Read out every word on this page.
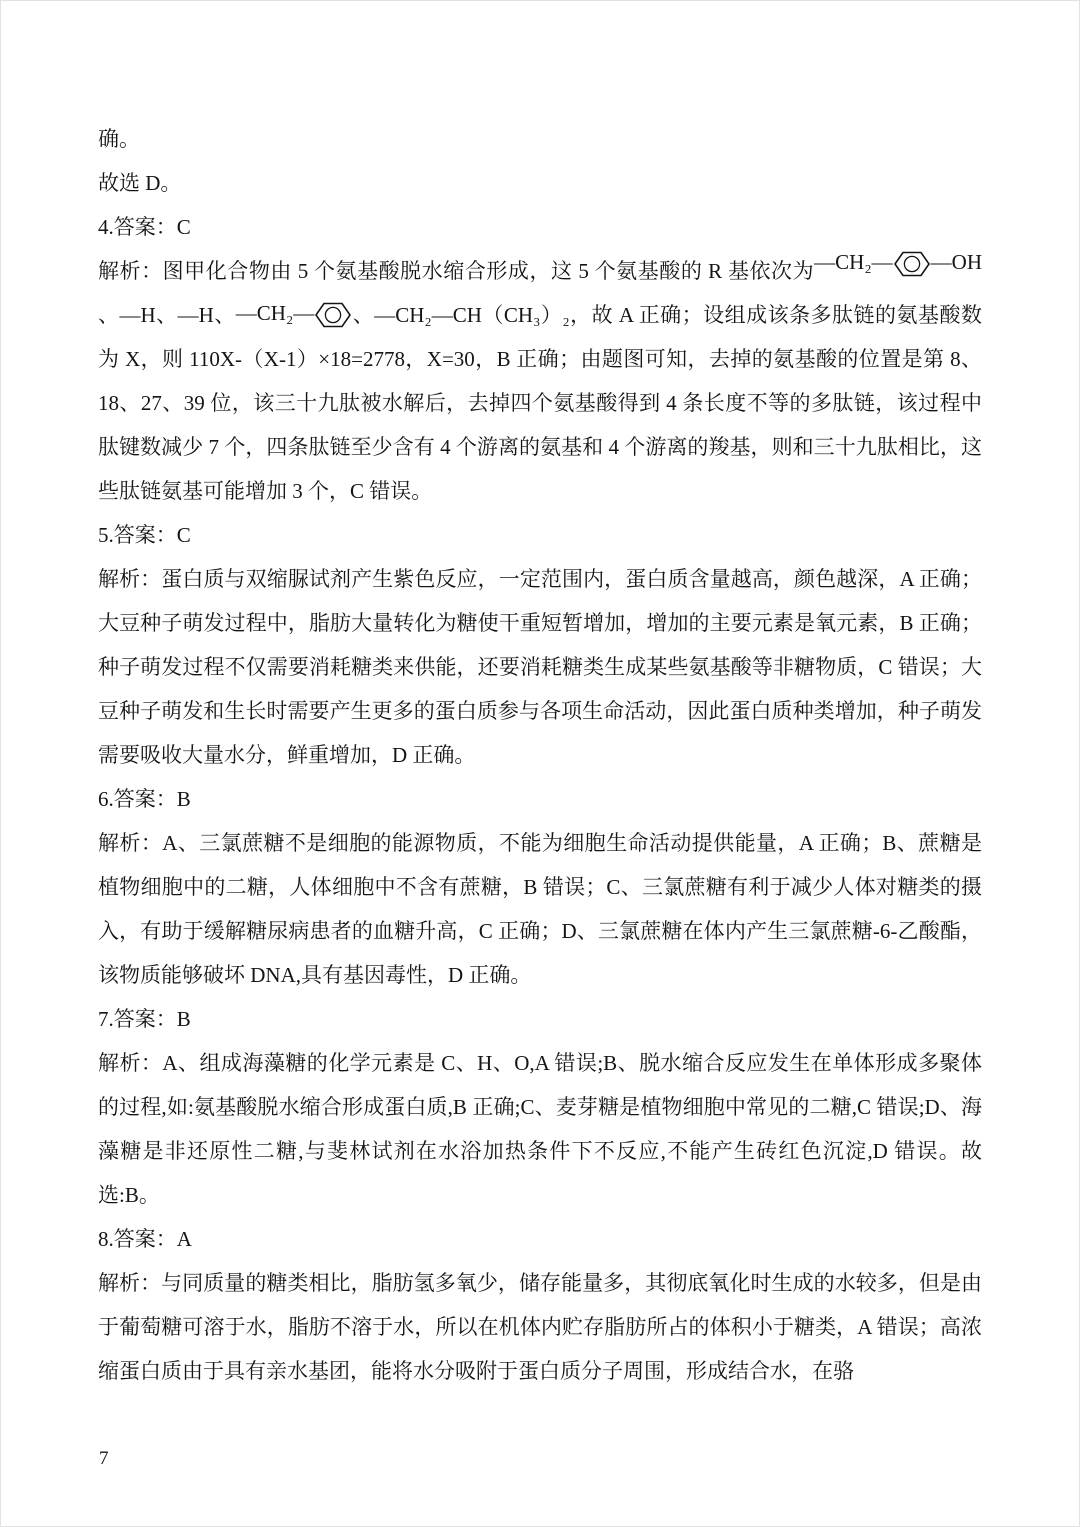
确。

故选 D。

4.答案：C

解析：图甲化合物由 5 个氨基酸脱水缩合形成，这 5 个氨基酸的 R 基依次为—CH₂— —OH、—H、—H、—CH₂— 、—CH₂—CH（CH₃）₂，故 A 正确；设组成该条多肽链的氨基酸数为 X，则 110X-（X-1）×18=2778，X=30，B 正确；由题图可知，去掉的氨基酸的位置是第 8、18、27、39 位，该三十九肽被水解后，去掉四个氨基酸得到 4 条长度不等的多肽链，该过程中肽键数减少 7 个，四条肽链至少含有 4 个游离的氨基和 4 个游离的羧基，则和三十九肽相比，这些肽链氨基可能增加 3 个，C 错误。

5.答案：C

解析：蛋白质与双缩脲试剂产生紫色反应，一定范围内，蛋白质含量越高，颜色越深，A 正确；大豆种子萌发过程中，脂肪大量转化为糖使干重短暂增加，增加的主要元素是氧元素，B 正确；种子萌发过程不仅需要消耗糖类来供能，还要消耗糖类生成某些氨基酸等非糖物质，C 错误；大豆种子萌发和生长时需要产生更多的蛋白质参与各项生命活动，因此蛋白质种类增加，种子萌发需要吸收大量水分，鲜重增加，D 正确。

6.答案：B

解析：A、三氯蔗糖不是细胞的能源物质，不能为细胞生命活动提供能量，A 正确；B、蔗糖是植物细胞中的二糖，人体细胞中不含有蔗糖，B 错误；C、三氯蔗糖有利于减少人体对糖类的摄入，有助于缓解糖尿病患者的血糖升高，C 正确；D、三氯蔗糖在体内产生三氯蔗糖-6-乙酸酯，该物质能够破坏 DNA,具有基因毒性，D 正确。

7.答案：B

解析：A、组成海藻糖的化学元素是 C、H、O,A 错误;B、脱水缩合反应发生在单体形成多聚体的过程,如:氨基酸脱水缩合形成蛋白质,B 正确;C、麦芽糖是植物细胞中常见的二糖,C 错误;D、海藻糖是非还原性二糖,与斐林试剂在水浴加热条件下不反应,不能产生砖红色沉淀,D 错误。故选:B。

8.答案：A

解析：与同质量的糖类相比，脂肪氢多氧少，储存能量多，其彻底氧化时生成的水较多，但是由于葡萄糖可溶于水，脂肪不溶于水，所以在机体内贮存脂肪所占的体积小于糖类，A 错误；高浓缩蛋白质由于具有亲水基团，能将水分吸附于蛋白质分子周围，形成结合水，在骆

7
